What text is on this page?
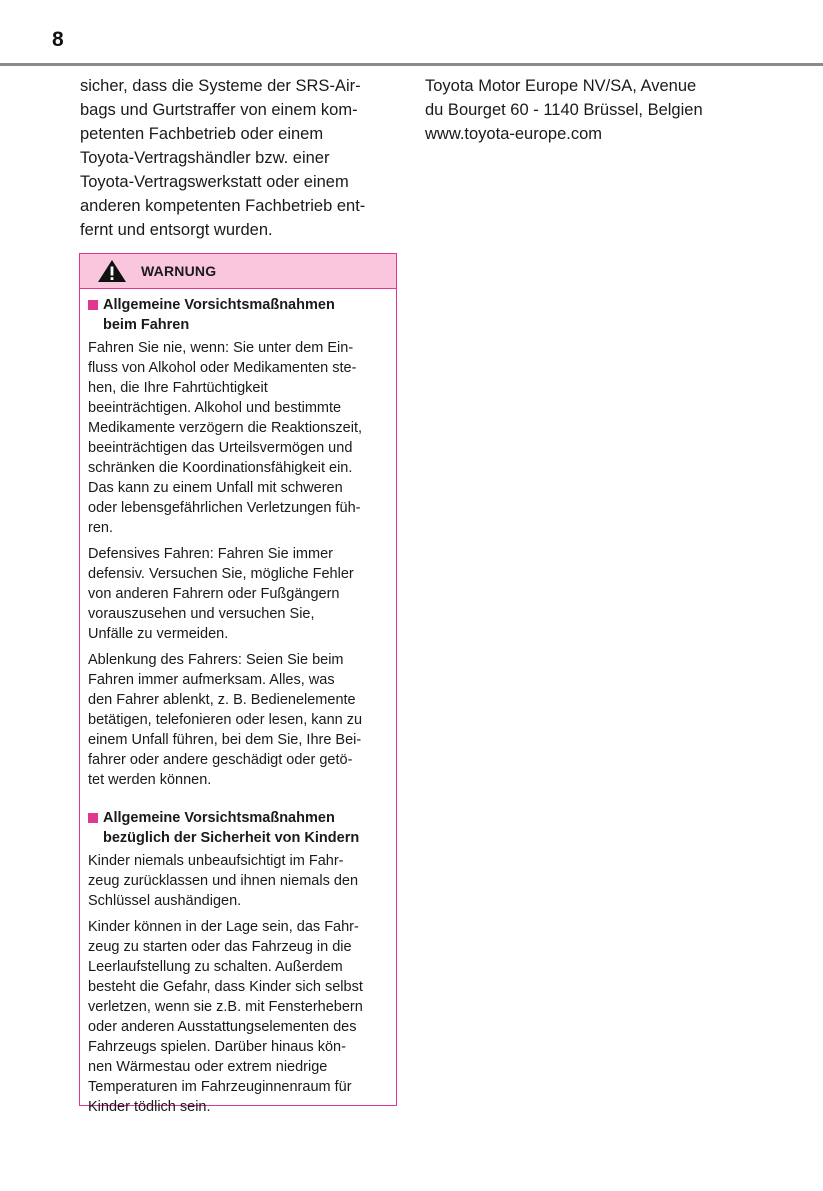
8

sicher, dass die Systeme der SRS-Air-
bags und Gurtstraffer von einem kom-
petenten Fachbetrieb oder einem
Toyota-Vertragshändler bzw. einer
Toyota-Vertragswerkstatt oder einem
anderen kompetenten Fachbetrieb ent-
fernt und entsorgt wurden.

WARNUNG
Allgemeine Vorsichtsmaßnahmen
beim Fahren

Fahren Sie nie, wenn: Sie unter dem Ein-
fluss von Alkohol oder Medikamenten ste-
hen, die Ihre Fahrtüchtigkeit
beeinträchtigen. Alkohol und bestimmte
Medikamente verzögern die Reaktionszeit,
beeinträchtigen das Urteilsvermögen und
schränken die Koordinationsfähigkeit ein.
Das kann zu einem Unfall mit schweren
oder lebensgefährlichen Verletzungen füh-
ren.

Defensives Fahren: Fahren Sie immer
defensiv. Versuchen Sie, mögliche Fehler
von anderen Fahrern oder Fußgängern
vorauszusehen und versuchen Sie,
Unfälle zu vermeiden.

Ablenkung des Fahrers: Seien Sie beim
Fahren immer aufmerksam. Alles, was
den Fahrer ablenkt, z. B. Bedienelemente
betätigen, telefonieren oder lesen, kann zu
einem Unfall führen, bei dem Sie, Ihre Bei-
fahrer oder andere geschädigt oder getö-
tet werden können.

Allgemeine Vorsichtsmaßnahmen
bezüglich der Sicherheit von Kindern

Kinder niemals unbeaufsichtigt im Fahr-
zeug zurücklassen und ihnen niemals den
Schlüssel aushändigen.

Kinder können in der Lage sein, das Fahr-
zeug zu starten oder das Fahrzeug in die
Leerlaufstellung zu schalten. Außerdem
besteht die Gefahr, dass Kinder sich selbst
verletzen, wenn sie z.B. mit Fensterhebern
oder anderen Ausstattungselementen des
Fahrzeugs spielen. Darüber hinaus kön-
nen Wärmestau oder extrem niedrige
Temperaturen im Fahrzeuginnenraum für
Kinder tödlich sein.

Toyota Motor Europe NV/SA, Avenue
du Bourget 60 - 1140 Brüssel, Belgien
www.toyota-europe.com
